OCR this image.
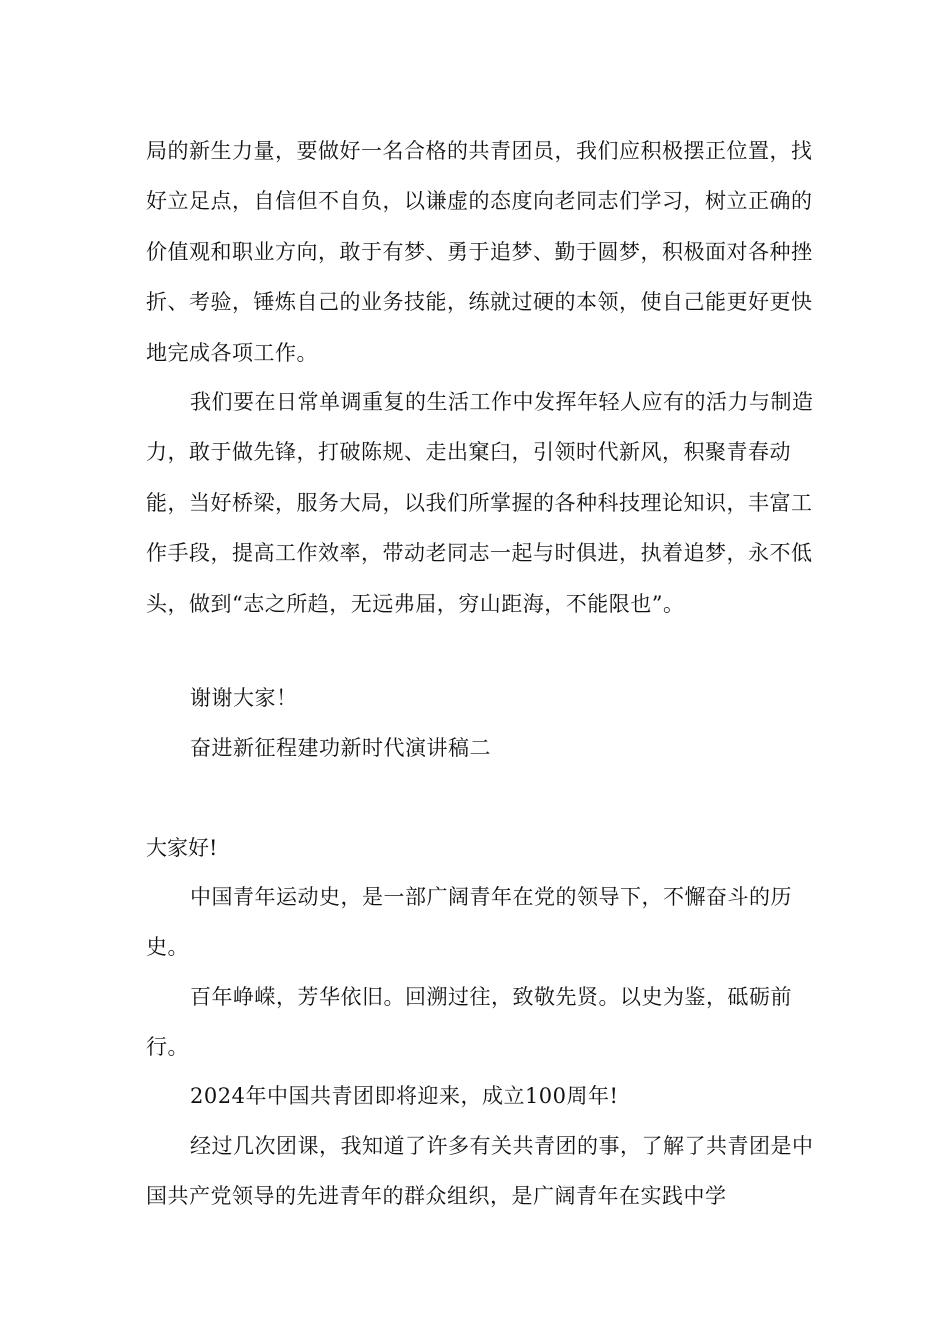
局的新生力量，要做好一名合格的共青团员，我们应积极摆正位置，找好立足点，自信但不自负，以谦虚的态度向老同志们学习，树立正确的价值观和职业方向，敢于有梦、勇于追梦、勤于圆梦，积极面对各种挫折、考验，锤炼自己的业务技能，练就过硬的本领，使自己能更好更快地完成各项工作。

我们要在日常单调重复的生活工作中发挥年轻人应有的活力与制造力，敢于做先锋，打破陈规、走出窠臼，引领时代新风，积聚青春动能，当好桥梁，服务大局，以我们所掌握的各种科技理论知识，丰富工作手段，提高工作效率，带动老同志一起与时俱进，执着追梦，永不低头，做到“志之所趋，无远弗届，穷山距海，不能限也”。

谢谢大家！

奋进新征程建功新时代演讲稿二

大家好!

中国青年运动史，是一部广阔青年在党的领导下，不懈奋斗的历史。

百年峥嵘，芳华依旧。回溯过往，致敬先贤。以史为鉴，砥砺前行。

2024年中国共青团即将迎来，成立100周年!

经过几次团课，我知道了许多有关共青团的事，了解了共青团是中国共产党领导的先进青年的群众组织，是广阔青年在实践中学
